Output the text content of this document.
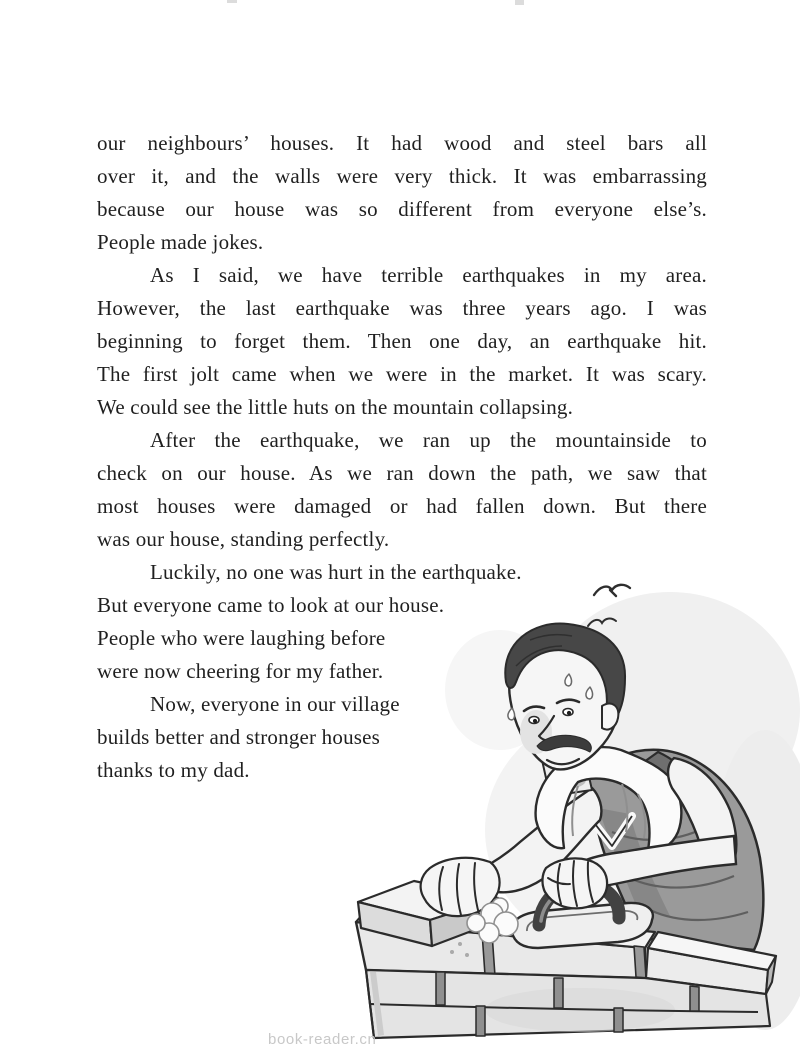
our neighbours’ houses. It had wood and steel bars all
over it, and the walls were very thick. It was embarrassing
because our house was so different from everyone else’s.
People made jokes.
As I said, we have terrible earthquakes in my area.
However, the last earthquake was three years ago. I was
beginning to forget them. Then one day, an earthquake hit.
The first jolt came when we were in the market. It was scary.
We could see the little huts on the mountain collapsing.
After the earthquake, we ran up the mountainside to
check on our house. As we ran down the path, we saw that
most houses were damaged or had fallen down. But there
was our house, standing perfectly.
Luckily, no one was hurt in the earthquake.
But everyone came to look at our house.
People who were laughing before
were now cheering for my father.
Now, everyone in our village
builds better and stronger houses
thanks to my dad.
book-reader.cn
